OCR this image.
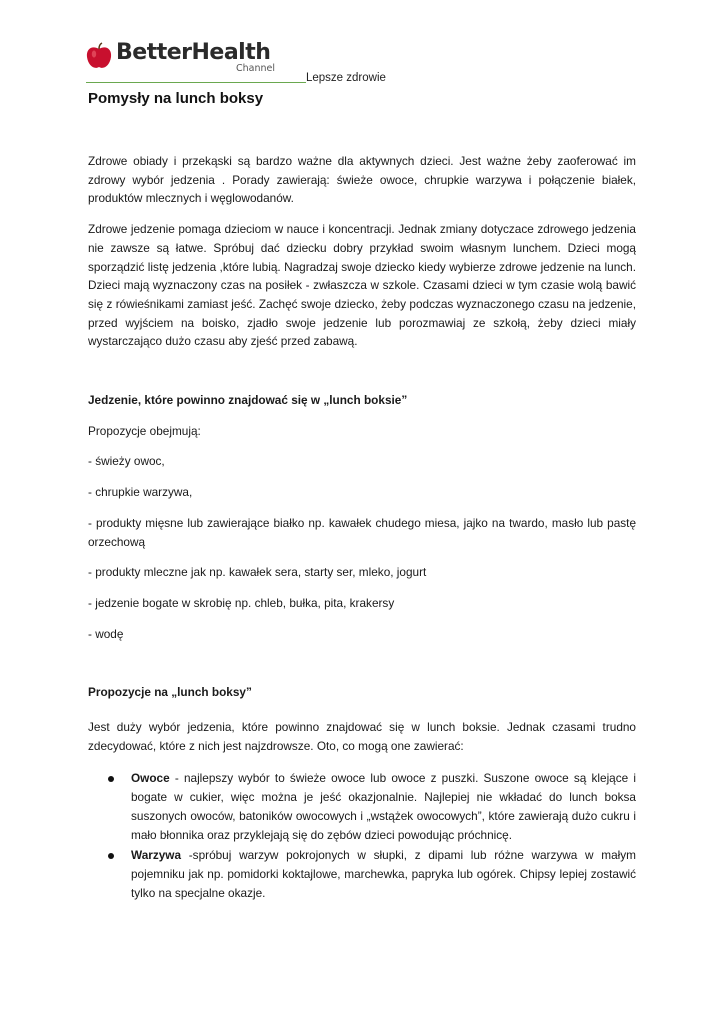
BetterHealth
Channel
Lepsze zdrowie
Pomysły na lunch boksy

Zdrowe obiady i przekąski są bardzo ważne dla aktywnych dzieci. Jest ważne żeby zaoferować im zdrowy wybór jedzenia . Porady zawierają: świeże owoce, chrupkie warzywa i połączenie białek, produktów mlecznych i węglowodanów.

Zdrowe jedzenie pomaga dzieciom w nauce i koncentracji. Jednak zmiany dotyczace zdrowego jedzenia nie zawsze są łatwe. Spróbuj dać dziecku dobry przykład swoim własnym lunchem. Dzieci mogą sporządzić listę jedzenia ,które lubią. Nagradzaj swoje dziecko kiedy wybierze zdrowe jedzenie na lunch. Dzieci mają wyznaczony czas na posiłek - zwłaszcza w szkole. Czasami dzieci w tym czasie wolą bawić się z rówieśnikami zamiast jeść. Zachęć swoje dziecko, żeby podczas wyznaczonego czasu na jedzenie, przed wyjściem na boisko, zjadło swoje jedzenie lub porozmawiaj ze szkołą, żeby dzieci miały wystarczająco dużo czasu aby zjeść przed zabawą.

Jedzenie, które powinno znajdować się w „lunch boksie”

Propozycje obejmują:

- świeży owoc,

- chrupkie warzywa,

- produkty mięsne lub zawierające białko np. kawałek chudego miesa, jajko na twardo, masło lub pastę orzechową

- produkty mleczne jak np. kawałek sera, starty ser, mleko, jogurt

- jedzenie bogate w skrobię np. chleb, bułka, pita, krakersy

- wodę

Propozycje na „lunch boksy”

Jest duży wybór jedzenia, które powinno znajdować się w lunch boksie. Jednak czasami trudno zdecydować, które z nich jest najzdrowsze. Oto, co mogą one zawierać:

Owoce - najlepszy wybór to świeże owoce lub owoce z puszki. Suszone owoce są klejące i bogate w cukier, więc można je jeść okazjonalnie. Najlepiej nie wkładać do lunch boksa suszonych owoców, batoników owocowych i „wstążek owocowych”, które zawierają dużo cukru i mało błonnika oraz przyklejają się do zębów dzieci powodując próchnicę.
Warzywa -spróbuj warzyw pokrojonych w słupki, z dipami lub różne warzywa w małym pojemniku jak np. pomidorki koktajlowe, marchewka, papryka lub ogórek. Chipsy lepiej zostawić tylko na specjalne okazje.
